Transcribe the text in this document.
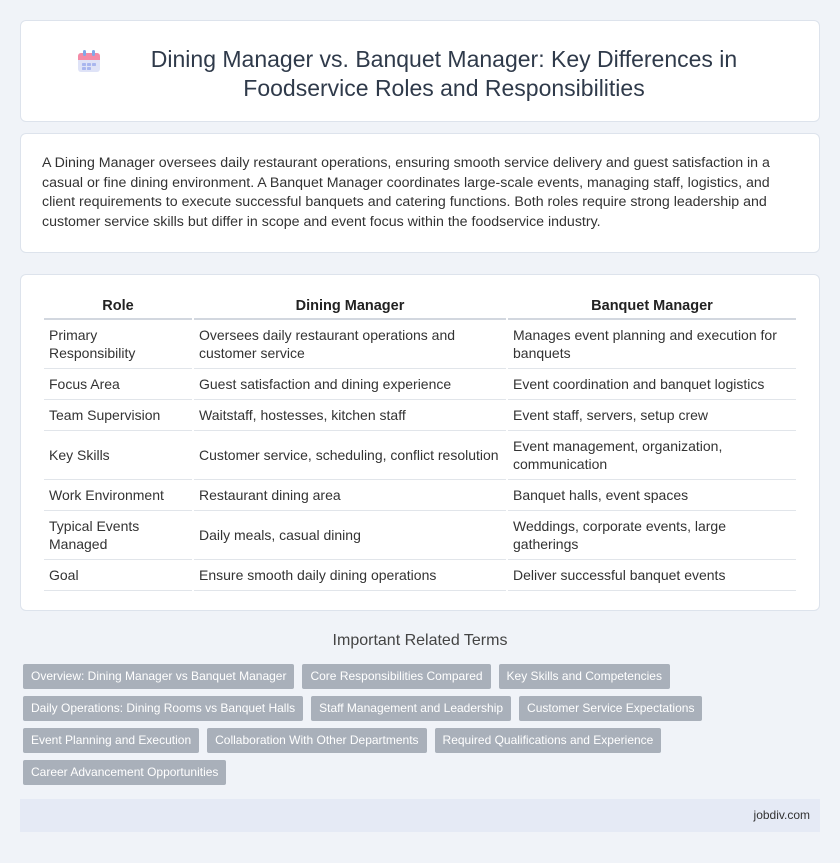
Dining Manager vs. Banquet Manager: Key Differences in Foodservice Roles and Responsibilities

A Dining Manager oversees daily restaurant operations, ensuring smooth service delivery and guest satisfaction in a casual or fine dining environment. A Banquet Manager coordinates large-scale events, managing staff, logistics, and client requirements to execute successful banquets and catering functions. Both roles require strong leadership and customer service skills but differ in scope and event focus within the foodservice industry.

Role	Dining Manager	Banquet Manager
Primary Responsibility	Oversees daily restaurant operations and customer service	Manages event planning and execution for banquets
Focus Area	Guest satisfaction and dining experience	Event coordination and banquet logistics
Team Supervision	Waitstaff, hostesses, kitchen staff	Event staff, servers, setup crew
Key Skills	Customer service, scheduling, conflict resolution	Event management, organization, communication
Work Environment	Restaurant dining area	Banquet halls, event spaces
Typical Events Managed	Daily meals, casual dining	Weddings, corporate events, large gatherings
Goal	Ensure smooth daily dining operations	Deliver successful banquet events
Important Related Terms
Overview: Dining Manager vs Banquet Manager	Core Responsibilities Compared	Key Skills and Competencies
Daily Operations: Dining Rooms vs Banquet Halls	Staff Management and Leadership	Customer Service Expectations
Event Planning and Execution	Collaboration With Other Departments	Required Qualifications and Experience
Career Advancement Opportunities
jobdiv.com
